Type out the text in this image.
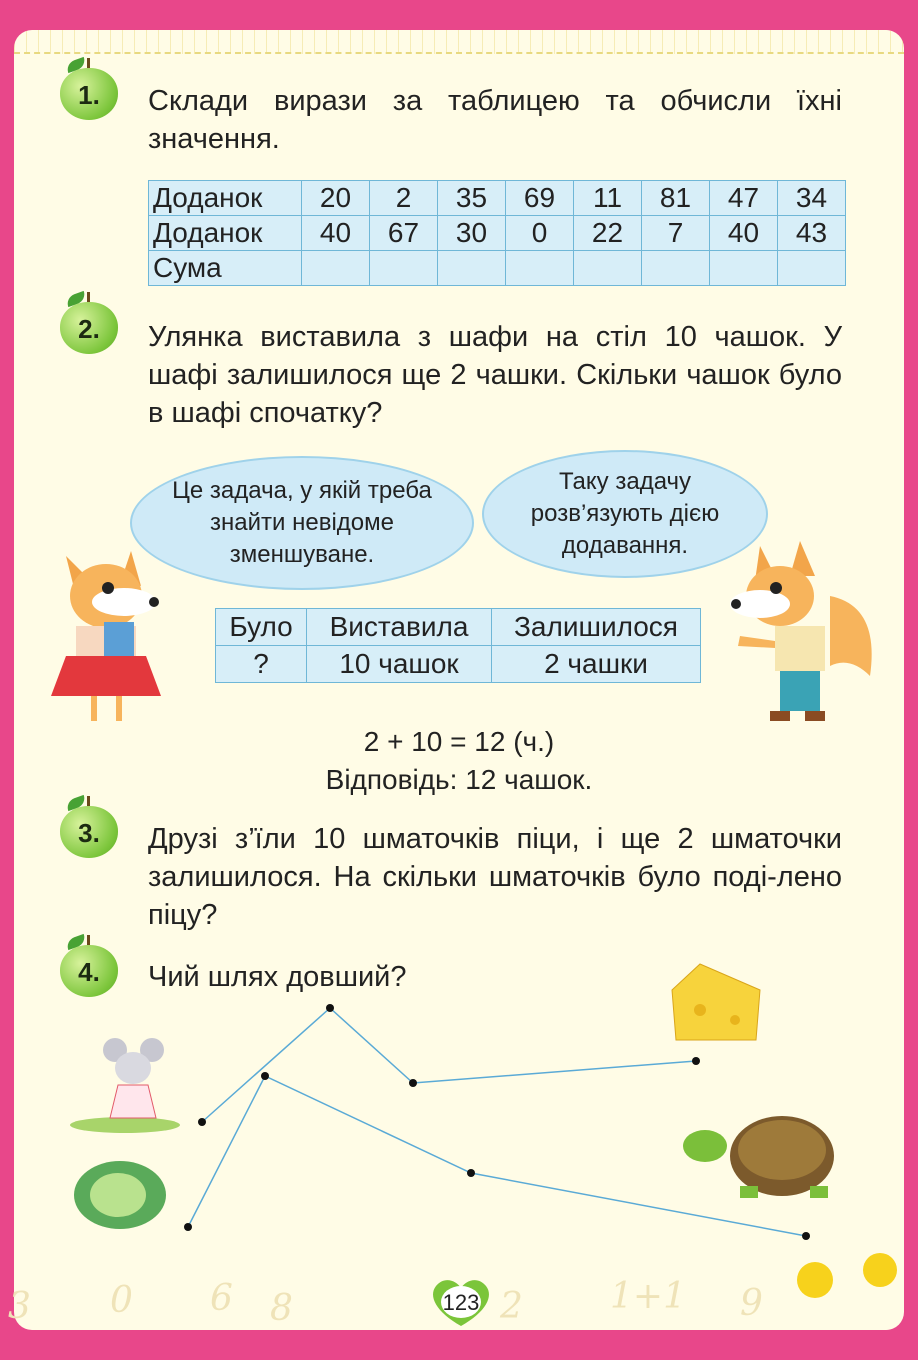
1.	Склади вирази за таблицею та обчисли їхні значення.
Доданок	20	2	35	69	11	81	47	34
Доданок	40	67	30	0	22	7	40	43
Сума								
2.	Улянка виставила з шафи на стіл 10 чашок. У шафі залишилося ще 2 чашки. Скільки чашок було в шафі спочатку?
Це задача, у якій треба знайти невідоме зменшуване.
Таку задачу розв’язують дією додавання.
Було	Виставила	Залишилося
?	10 чашок	2 чашки
2 + 10 = 12 (ч.)
Відповідь: 12 чашок.
3.	Друзі з’їли 10 шматочків піци, і ще 2 шматочки залишилося. На скільки шматочків було поді-лено піцу?
4.	Чий шлях довший?
3 0 6 8	2 1+1 9
123
